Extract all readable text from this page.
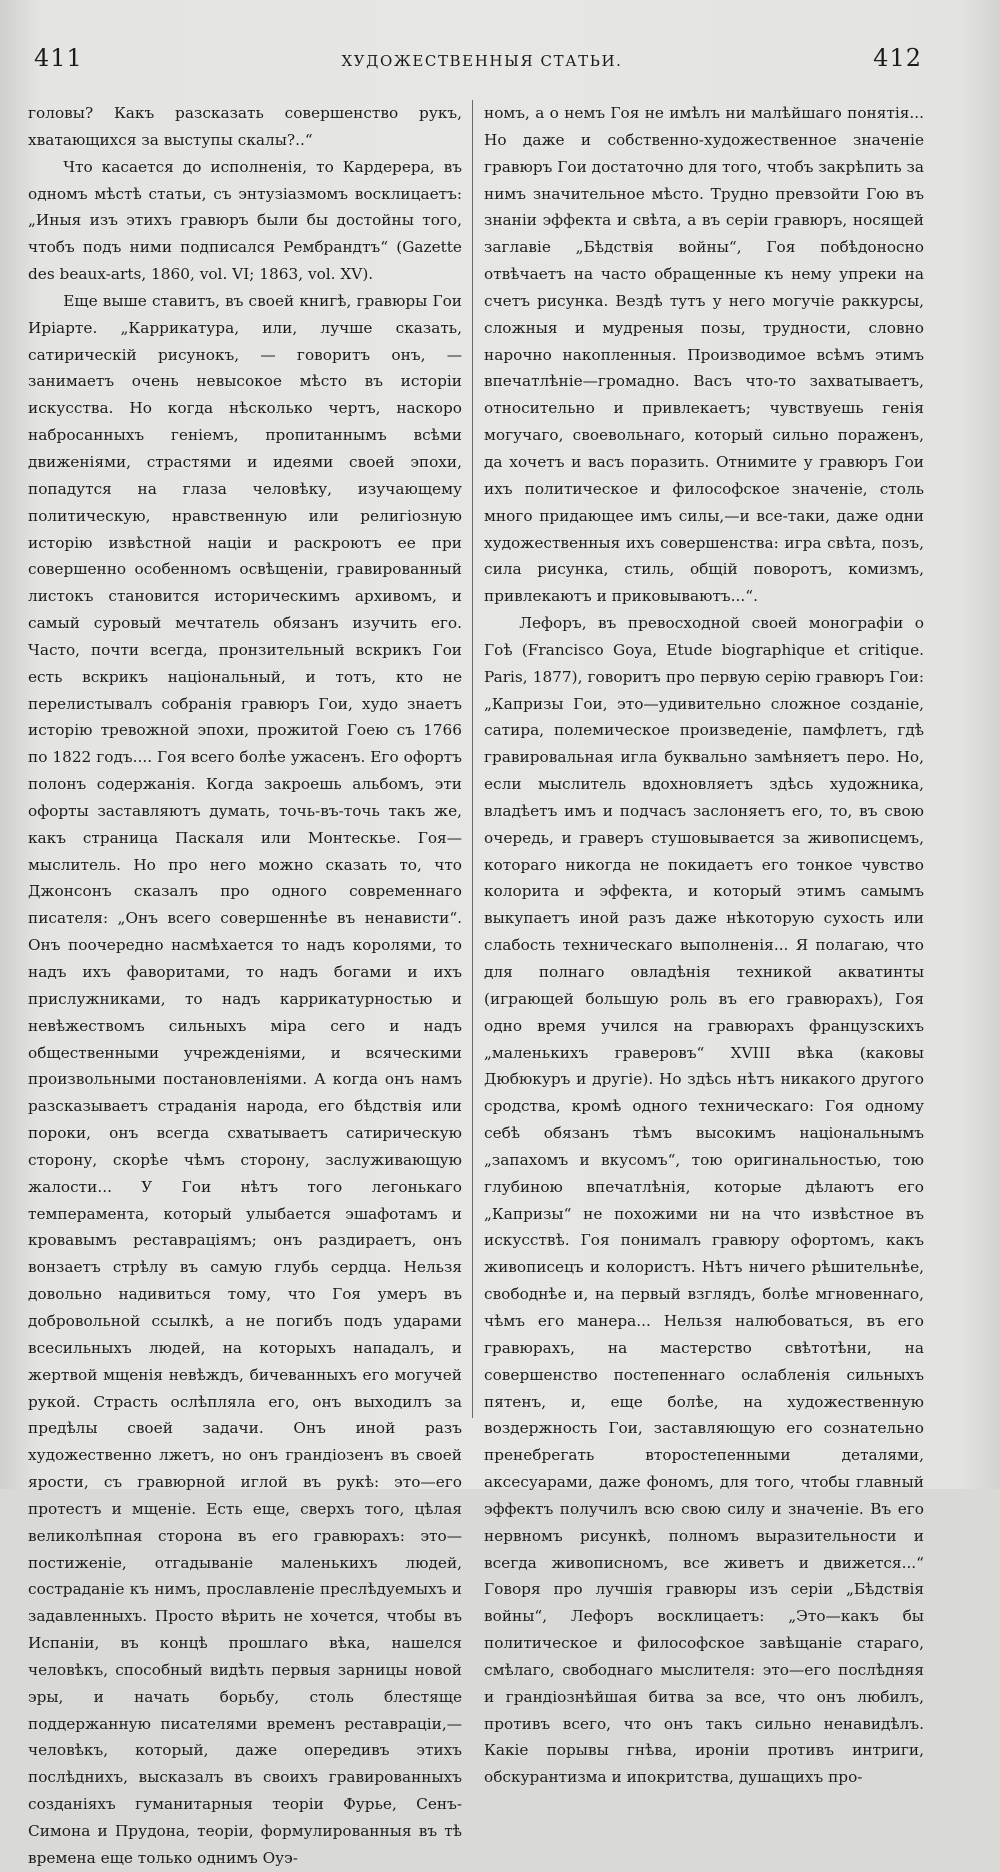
411	ХУДОЖЕСТВЕННЫЯ СТАТЬИ.	412

головы? Какъ разсказать совершенство рукъ, хватающихся за выступы скалы?..“

Что касается до исполненія, то Кардерера, въ одномъ мѣстѣ статьи, съ энтузіазмомъ восклицаетъ: „Иныя изъ этихъ гравюръ были бы достойны того, чтобъ подъ ними подписался Рембрандтъ“ (Gazette des beaux-arts, 1860, vol. VI; 1863, vol. XV).

Еще выше ставитъ, въ своей книгѣ, гравюры Гои Иріарте. „Каррикатура, или, лучше сказать, сатирическій рисунокъ, — говоритъ онъ, — занимаетъ очень невысокое мѣсто въ исторіи искусства. Но когда нѣсколько чертъ, наскоро набросанныхъ геніемъ, пропитаннымъ всѣми движеніями, страстями и идеями своей эпохи, попадутся на глаза человѣку, изучающему политическую, нравственную или религіозную исторію извѣстной націи и раскроютъ ее при совершенно особенномъ освѣщеніи, гравированный листокъ становится историческимъ архивомъ, и самый суровый мечтатель обязанъ изучить его. Часто, почти всегда, пронзительный вскрикъ Гои есть вскрикъ національный, и тотъ, кто не перелистывалъ собранія гравюръ Гои, худо знаетъ исторію тревожной эпохи, прожитой Гоею съ 1766 по 1822 годъ.... Гоя всего болѣе ужасенъ. Его офортъ полонъ содержанія. Когда закроешь альбомъ, эти офорты заставляютъ думать, точь-въ-точь такъ же, какъ страница Паскаля или Монтескье. Гоя—мыслитель. Но про него можно сказать то, что Джонсонъ сказалъ про одного современнаго писателя: „Онъ всего совершеннѣе въ ненависти“. Онъ поочередно насмѣхается то надъ королями, то надъ ихъ фаворитами, то надъ богами и ихъ прислужниками, то надъ каррикатурностью и невѣжествомъ сильныхъ міра сего и надъ общественными учрежденіями, и всяческими произвольными постановленіями. А когда онъ намъ разсказываетъ страданія народа, его бѣдствія или пороки, онъ всегда схватываетъ сатирическую сторону, скорѣе чѣмъ сторону, заслуживающую жалости... У Гои нѣтъ того легонькаго темперамента, который улыбается эшафотамъ и кровавымъ реставраціямъ; онъ раздираетъ, онъ вонзаетъ стрѣлу въ самую глубь сердца. Нельзя довольно надивиться тому, что Гоя умеръ въ добровольной ссылкѣ, а не погибъ подъ ударами всесильныхъ людей, на которыхъ нападалъ, и жертвой мщенія невѣждъ, бичеванныхъ его могучей рукой. Страсть ослѣпляла его, онъ выходилъ за предѣлы своей задачи. Онъ иной разъ художественно лжетъ, но онъ грандіозенъ въ своей ярости, съ гравюрной иглой въ рукѣ: это—его протестъ и мщеніе. Есть еще, сверхъ того, цѣлая великолѣпная сторона въ его гравюрахъ: это—постиженіе, отгадываніе маленькихъ людей, состраданіе къ нимъ, прославленіе преслѣдуемыхъ и задавленныхъ. Просто вѣрить не хочется, чтобы въ Испаніи, въ концѣ прошлаго вѣка, нашелся человѣкъ, способный видѣть первыя зарницы новой эры, и начать борьбу, столь блестяще поддержанную писателями временъ реставраціи,—человѣкъ, который, даже опередивъ этихъ послѣднихъ, высказалъ въ своихъ гравированныхъ созданіяхъ гуманитарныя теоріи Фурье, Сенъ-Симона и Прудона, теоріи, формулированныя въ тѣ времена еще только однимъ Оуэ-

номъ, а о немъ Гоя не имѣлъ ни малѣйшаго понятія... Но даже и собственно-художественное значеніе гравюръ Гои достаточно для того, чтобъ закрѣпить за нимъ значительное мѣсто. Трудно превзойти Гою въ знаніи эффекта и свѣта, а въ серіи гравюръ, носящей заглавіе „Бѣдствія войны“, Гоя побѣдоносно отвѣчаетъ на часто обращенные къ нему упреки на счетъ рисунка. Вездѣ тутъ у него могучіе раккурсы, сложныя и мудреныя позы, трудности, словно нарочно накопленныя. Производимое всѣмъ этимъ впечатлѣніе—громадно. Васъ что-то захватываетъ, относительно и привлекаетъ; чувствуешь генія могучаго, своевольнаго, который сильно пораженъ, да хочетъ и васъ поразить. Отнимите у гравюръ Гои ихъ политическое и философское значеніе, столь много придающее имъ силы,—и все-таки, даже одни художественныя ихъ совершенства: игра свѣта, позъ, сила рисунка, стиль, общій поворотъ, комизмъ, привлекаютъ и приковываютъ...“.

Лефоръ, въ превосходной своей монографіи о Гоѣ (Francisco Goya, Etude biographique et critique. Paris, 1877), говоритъ про первую серію гравюръ Гои: „Капризы Гои, это—удивительно сложное созданіе, сатира, полемическое произведеніе, памфлетъ, гдѣ гравировальная игла буквально замѣняетъ перо. Но, если мыслитель вдохновляетъ здѣсь художника, владѣетъ имъ и подчасъ заслоняетъ его, то, въ свою очередь, и граверъ стушовывается за живописцемъ, котораго никогда не покидаетъ его тонкое чувство колорита и эффекта, и который этимъ самымъ выкупаетъ иной разъ даже нѣкоторую сухость или слабость техническаго выполненія... Я полагаю, что для полнаго овладѣнія техникой акватинты (играющей большую роль въ его гравюрахъ), Гоя одно время учился на гравюрахъ французскихъ „маленькихъ граверовъ“ XVIII вѣка (каковы Дюбюкуръ и другіе). Но здѣсь нѣтъ никакого другого сродства, кромѣ одного техническаго: Гоя одному себѣ обязанъ тѣмъ высокимъ національнымъ „запахомъ и вкусомъ“, тою оригинальностью, тою глубиною впечатлѣнія, которые дѣлаютъ его „Капризы“ не похожими ни на что извѣстное въ искусствѣ. Гоя понималъ гравюру офортомъ, какъ живописецъ и колористъ. Нѣтъ ничего рѣшительнѣе, свободнѣе и, на первый взглядъ, болѣе мгновеннаго, чѣмъ его манера... Нельзя налюбоваться, въ его гравюрахъ, на мастерство свѣтотѣни, на совершенство постепеннаго ослабленія сильныхъ пятенъ, и, еще болѣе, на художественную воздержность Гои, заставляющую его сознательно пренебрегать второстепенными деталями, аксесуарами, даже фономъ, для того, чтобы главный эффектъ получилъ всю свою силу и значеніе. Въ его нервномъ рисункѣ, полномъ выразительности и всегда живописномъ, все живетъ и движется...“ Говоря про лучшія гравюры изъ серіи „Бѣдствія войны“, Лефоръ восклицаетъ: „Это—какъ бы политическое и философское завѣщаніе стараго, смѣлаго, свободнаго мыслителя: это—его послѣдняя и грандіознѣйшая битва за все, что онъ любилъ, противъ всего, что онъ такъ сильно ненавидѣлъ. Какіе порывы гнѣва, ироніи противъ интриги, обскурантизма и ипокритства, душащихъ про-
